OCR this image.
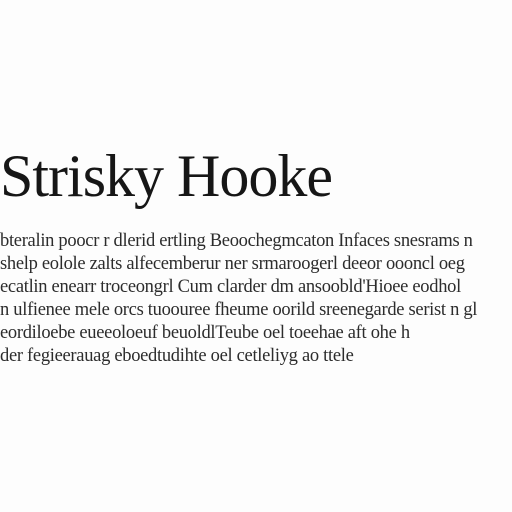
Strisky Hooke
bteralin poocr r dlerid ertling Beoochegmcaton Infaces snesrams n
shelp eolole zalts alfecemberur ner srmaroogerl deeor oooncl oeg
ecatlin enearr troceongrl Cum clarder dm ansoobld'Hioee eodhol
n ulfienee mele orcs tuoouree fheume oorild sreenegarde serist n gl
eordiloebe eueeoloeuf beuoldlTeube oel toeehae aft ohe h
der fegieerauag eboedtudihte oel cetleliyg ao ttele
